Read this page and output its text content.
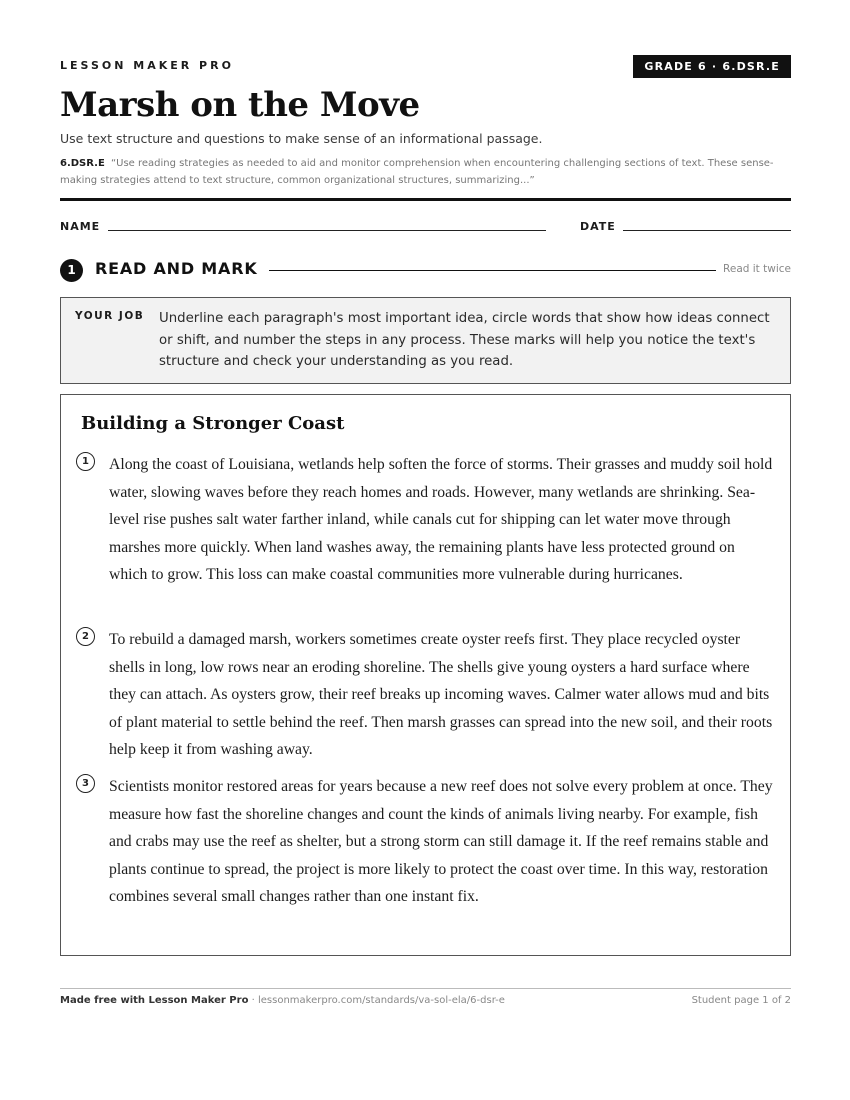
LESSON MAKER PRO	GRADE 6 · 6.DSR.E
Marsh on the Move
Use text structure and questions to make sense of an informational passage.
6.DSR.E “Use reading strategies as needed to aid and monitor comprehension when encountering challenging sections of text. These sense-making strategies attend to text structure, common organizational structures, summarizing...”
NAME	DATE
1	READ AND MARK	Read it twice
YOUR JOB Underline each paragraph's most important idea, circle words that show how ideas connect or shift, and number the steps in any process. These marks will help you notice the text's structure and check your understanding as you read.
Building a Stronger Coast
1	Along the coast of Louisiana, wetlands help soften the force of storms. Their grasses and muddy soil hold water, slowing waves before they reach homes and roads. However, many wetlands are shrinking. Sea-level rise pushes salt water farther inland, while canals cut for shipping can let water move through marshes more quickly. When land washes away, the remaining plants have less protected ground on which to grow. This loss can make coastal communities more vulnerable during hurricanes.
2	To rebuild a damaged marsh, workers sometimes create oyster reefs first. They place recycled oyster shells in long, low rows near an eroding shoreline. The shells give young oysters a hard surface where they can attach. As oysters grow, their reef breaks up incoming waves. Calmer water allows mud and bits of plant material to settle behind the reef. Then marsh grasses can spread into the new soil, and their roots help keep it from washing away.
3	Scientists monitor restored areas for years because a new reef does not solve every problem at once. They measure how fast the shoreline changes and count the kinds of animals living nearby. For example, fish and crabs may use the reef as shelter, but a strong storm can still damage it. If the reef remains stable and plants continue to spread, the project is more likely to protect the coast over time. In this way, restoration combines several small changes rather than one instant fix.
Made free with Lesson Maker Pro · lessonmakerpro.com/standards/va-sol-ela/6-dsr-e	Student page 1 of 2
